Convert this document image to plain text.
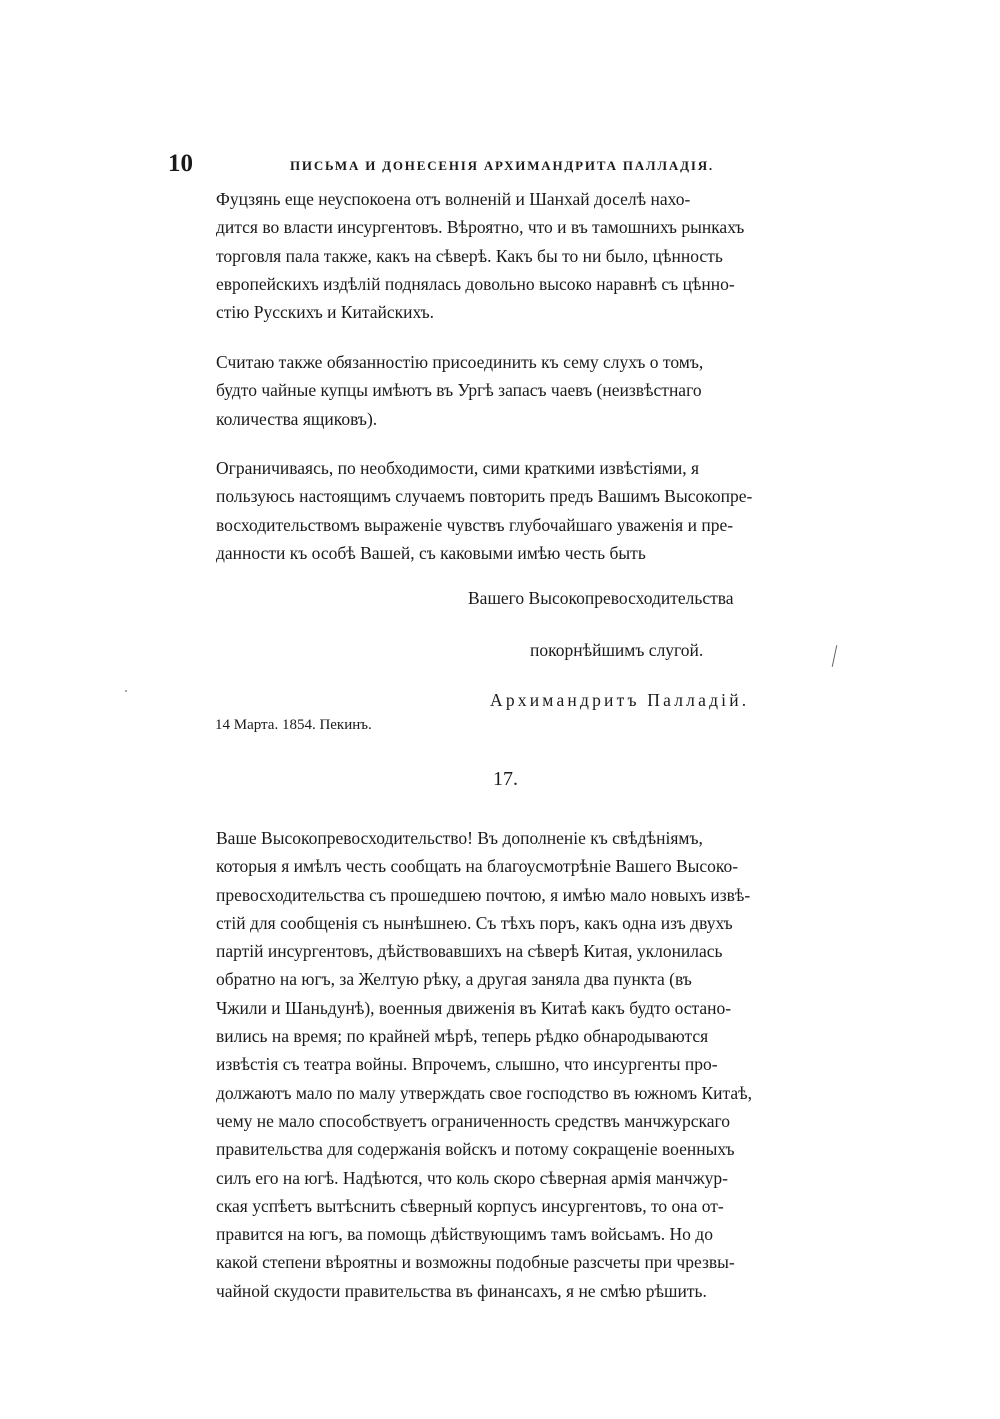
10	ПИСЬМА И ДОНЕСЕНІЯ АРХИМАНДРИТА ПАЛЛАДІЯ.

Фуцзянь еще неуспокоена отъ волненій и Шанхай доселѣ нахо-
дится во власти инсургентовъ. Вѣроятно, что и въ тамошнихъ рынкахъ
торговля пала также, какъ на сѣверѣ. Какъ бы то ни было, цѣнность
европейскихъ издѣлій поднялась довольно высоко наравнѣ съ цѣнно-
стію Русскихъ и Китайскихъ.

Считаю также обязанностію присоединить къ сему слухъ о томъ,
будто чайные купцы имѣютъ въ Ургѣ запасъ чаевъ (неизвѣстнаго
количества ящиковъ).

Ограничиваясь, по необходимости, сими краткими извѣстіями, я
пользуюсь настоящимъ случаемъ повторить предъ Вашимъ Высокопре-
восходительствомъ выраженіе чувствъ глубочайшаго уваженія и пре-
данности къ особѣ Вашей, съ каковыми имѣю честь быть

Вашего Высокопревосходительства
покорнѣйшимъ слугой.
Архимандритъ Палладій.
14 Марта. 1854. Пекинъ.
17.

Ваше Высокопревосходительство! Въ дополненіе къ свѣдѣніямъ,
которыя я имѣлъ честь сообщать на благоусмотрѣніе Вашего Высоко-
превосходительства съ прошедшею почтою, я имѣю мало новыхъ извѣ-
стій для сообщенія съ нынѣшнею. Съ тѣхъ поръ, какъ одна изъ двухъ
партій инсургентовъ, дѣйствовавшихъ на сѣверѣ Китая, уклонилась
обратно на югъ, за Желтую рѣку, а другая заняла два пункта (въ
Чжили и Шаньдунѣ), военныя движенія въ Китаѣ какъ будто остано-
вились на время; по крайней мѣрѣ, теперь рѣдко обнародываются
извѣстія съ театра войны. Впрочемъ, слышно, что инсургенты про-
должаютъ мало по малу утверждать свое господство въ южномъ Китаѣ,
чему не мало способствуетъ ограниченность средствъ манчжурскаго
правительства для содержанія войскъ и потому сокращеніе военныхъ
силъ его на югѣ. Надѣются, что коль скоро сѣверная армія манчжур-
ская успѣетъ вытѣснить сѣверный корпусъ инсургентовъ, то она от-
правится на югъ, ва помощь дѣйствующимъ тамъ войсьамъ. Но до
какой степени вѣроятны и возможны подобные разсчеты при чрезвы-
чайной скудости правительства въ финансахъ, я не смѣю рѣшить.
